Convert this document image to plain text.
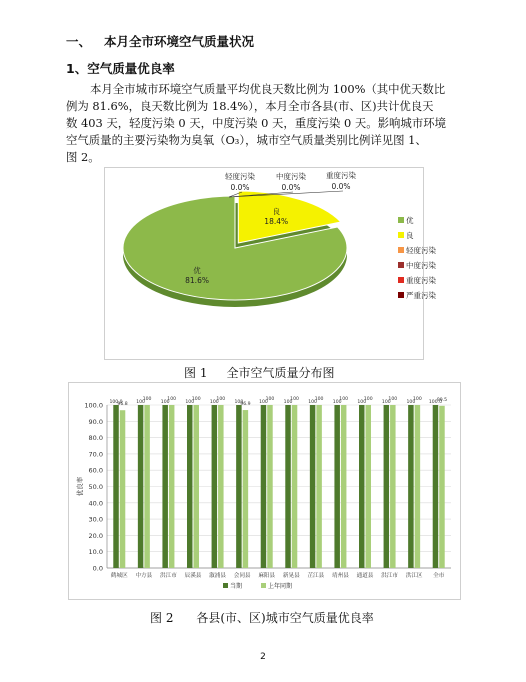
一、   本月全市环境空气质量状况
1、空气质量优良率
本月全市城市环境空气质量平均优良天数比例为 100%（其中优天数比
例为 81.6%，良天数比例为 18.4%），本月全市各县(市、区)共计优良天
数 403 天，轻度污染 0 天，中度污染 0 天，重度污染 0 天。影响城市环境
空气质量的主要污染物为臭氧（O₃），城市空气质量类别比例详见图 1、
图 2。
优
81.6%
良
18.4%
轻度污染
0.0%
中度污染
0.0%
重度污染
0.0%
优
良
轻度污染
中度污染
重度污染
严重污染
图 1     全市空气质量分布图
0.0
10.0
20.0
30.0
40.0
50.0
60.0
70.0
80.0
90.0
100.0
优良率
100.0
96.8
鹤城区
100
100
中方县
100
100
洪江市
100
100
辰溪县
100
100
溆浦县
100
96.9
会同县
100
100
麻阳县
100
100
新晃县
100
100
芷江县
100
100
靖州县
100
100
通道县
100
100
洪江市
100
100
洪江区
100.0
99.5
全市
当期	上年同期
图 2      各县(市、区)城市空气质量优良率
2
